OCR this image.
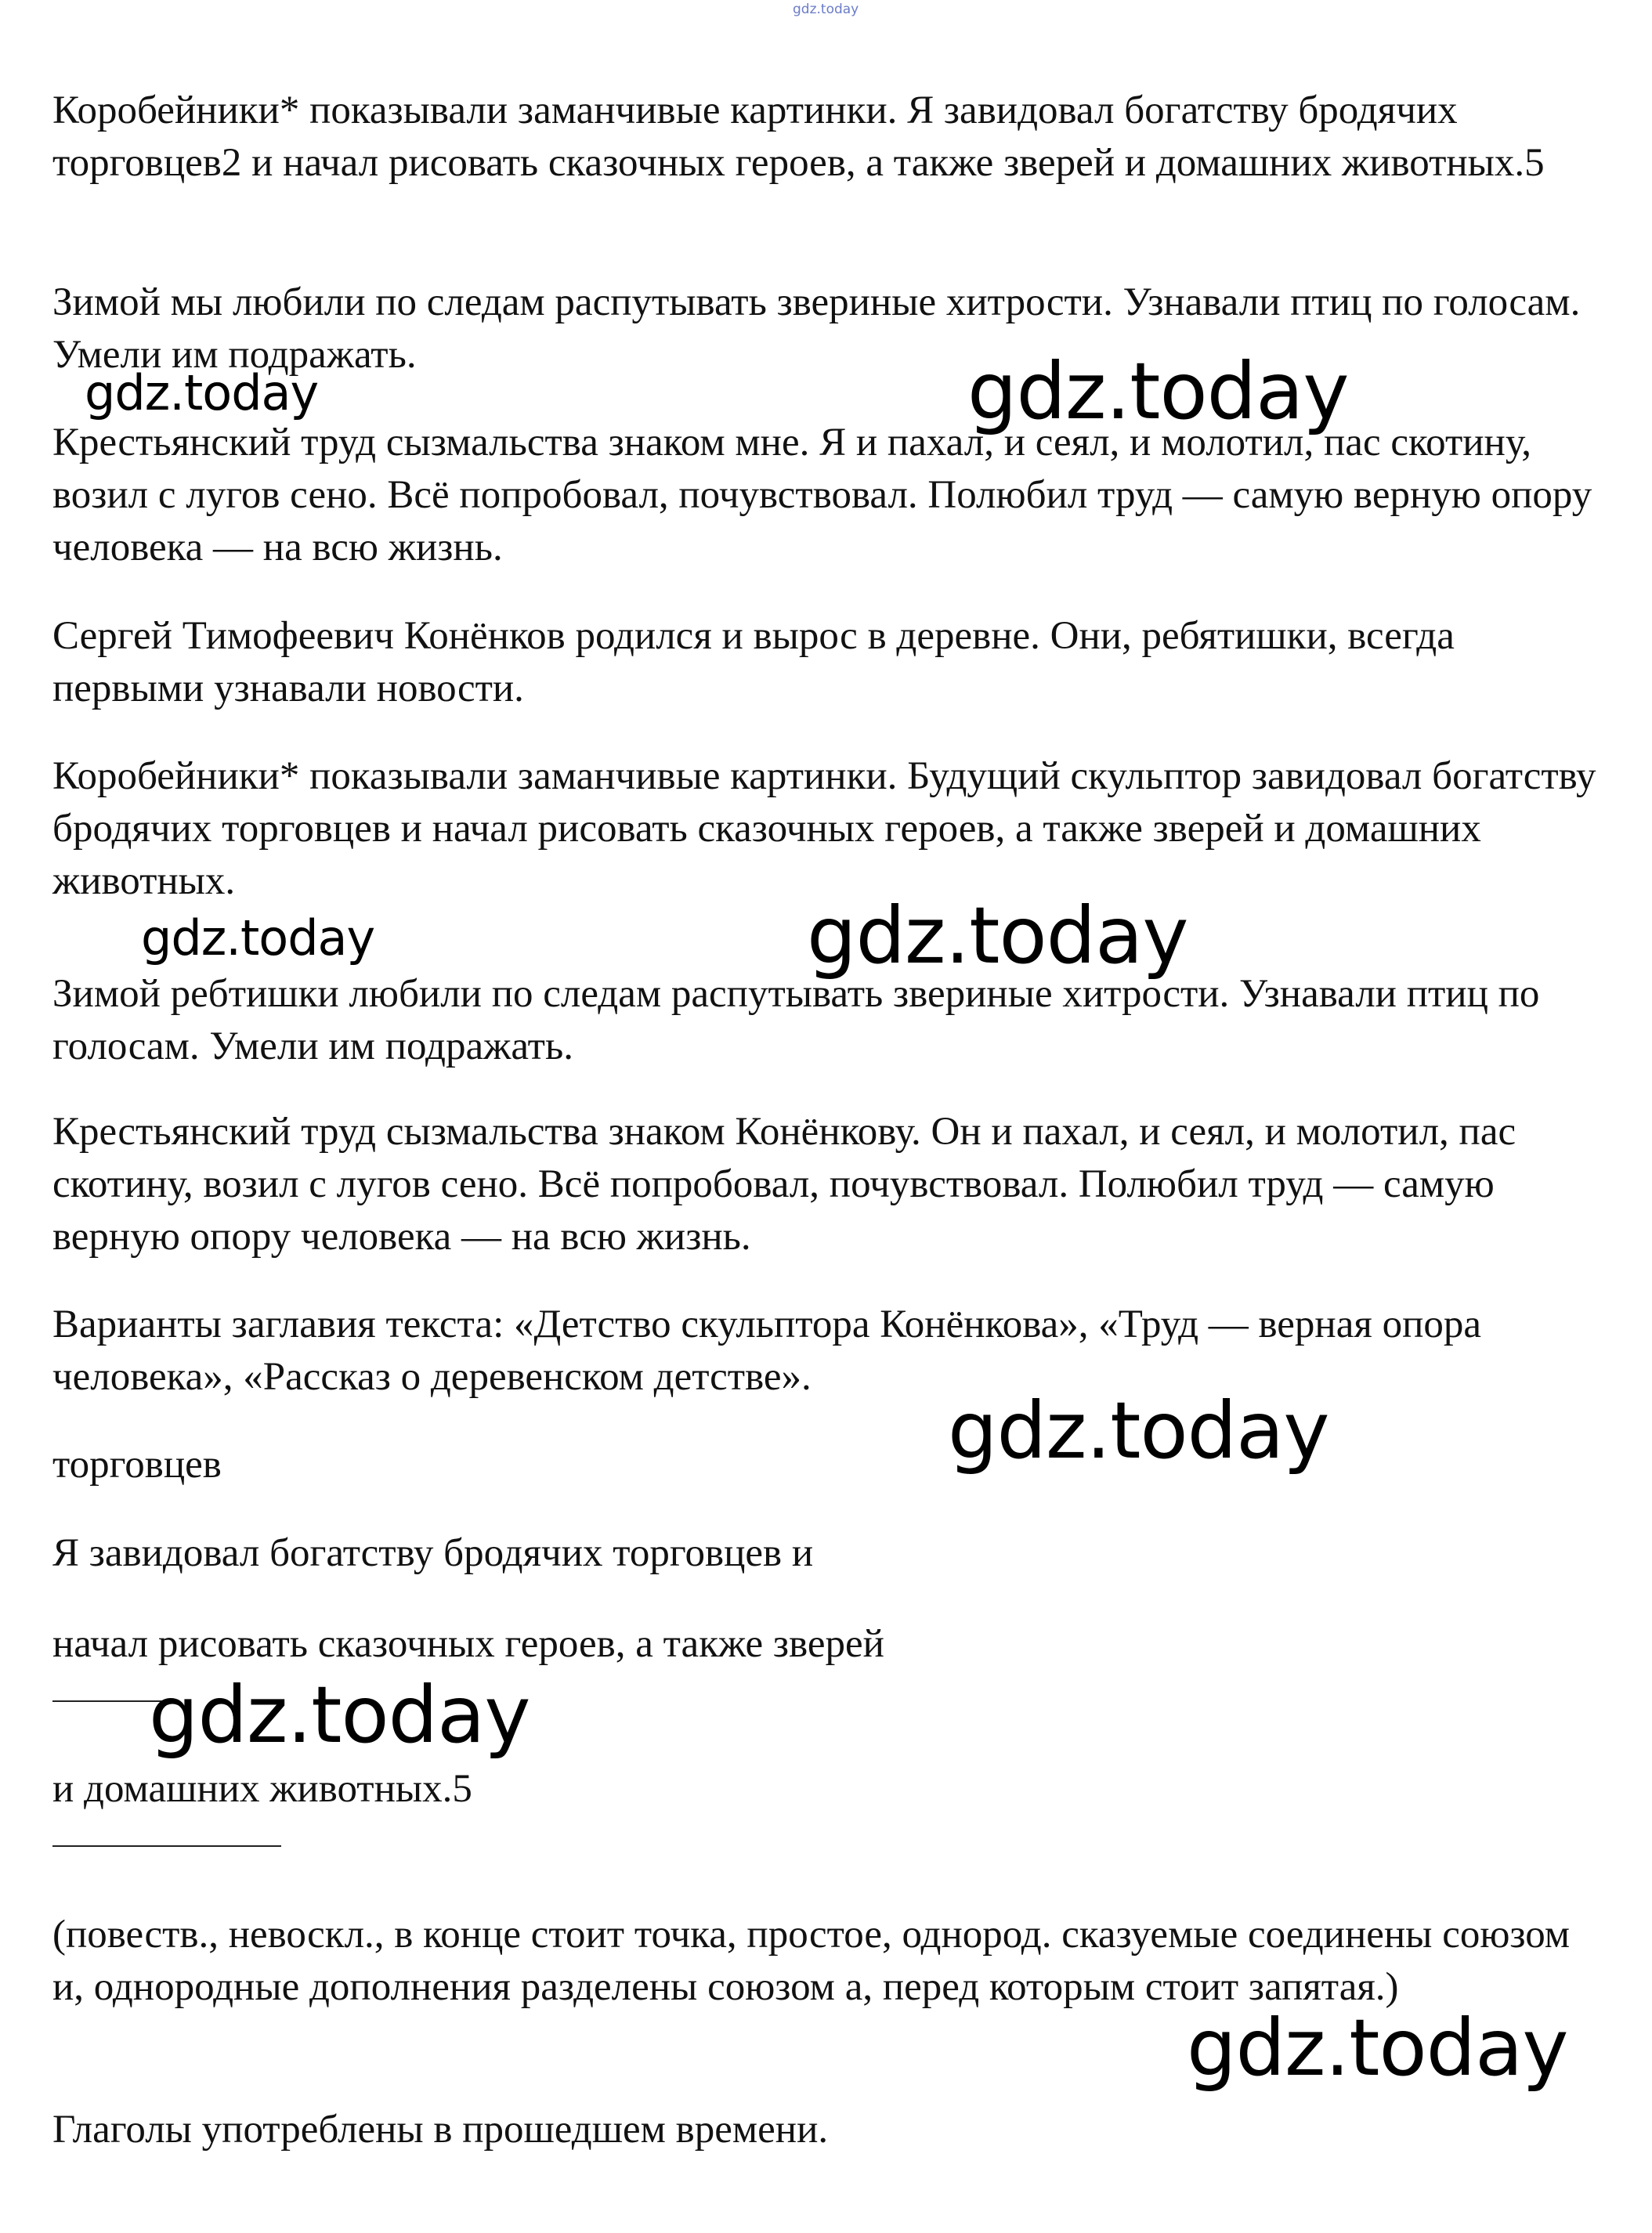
gdz.today

Коробейники* показывали заманчивые картинки. Я завидовал богатству бродячих торговцев2 и начал рисовать сказочных героев, а также зверей и домашних животных.5

Зимой мы любили по следам распутывать звериные хитрости. Узнавали птиц по голосам. Умели им подражать.

Крестьянский труд сызмальства знаком мне. Я и пахал, и сеял, и молотил, пас скотину, возил с лугов сено. Всё попробовал, почувствовал. Полюбил труд — самую верную опору человека — на всю жизнь.

Сергей Тимофеевич Конёнков родился и вырос в деревне. Они, ребятишки, всегда первыми узнавали новости.

Коробейники* показывали заманчивые картинки. Будущий скульптор завидовал богатству бродячих торговцев и начал рисовать сказочных героев, а также зверей и домашних животных.

Зимой ребтишки любили по следам распутывать звериные хитрости. Узнавали птиц по голосам. Умели им подражать.

Крестьянский труд сызмальства знаком Конёнкову. Он и пахал, и сеял, и молотил, пас скотину, возил с лугов сено. Всё попробовал, почувствовал. Полюбил труд — самую верную опору человека — на всю жизнь.

Варианты заглавия текста: «Детство скульптора Конёнкова», «Труд — верная опора человека», «Рассказ о деревенском детстве».

торговцев

Я завидовал богатству бродячих торговцев и

начал рисовать сказочных героев, а также зверей

и домашних животных.5

(повеств., невоскл., в конце стоит точка, простое, однород. сказуемые соединены союзом и, однородные дополнения разделены союзом а, перед которым стоит запятая.)

Глаголы употреблены в прошедшем времени.

gdz.today	gdz.today
gdz.today	gdz.today
gdz.today
gdz.today
gdz.today
